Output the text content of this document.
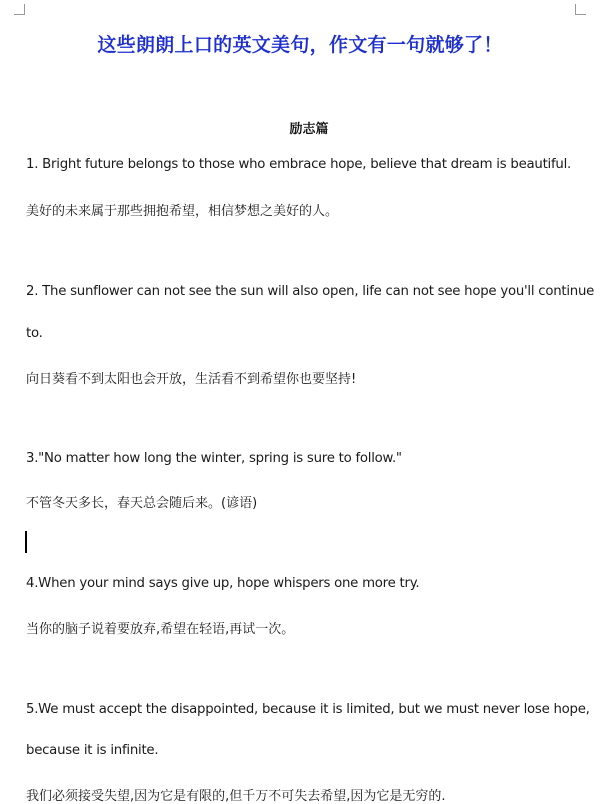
这些朗朗上口的英文美句，作文有一句就够了！
励志篇
1. Bright future belongs to those who embrace hope, believe that dream is beautiful.
美好的未来属于那些拥抱希望，相信梦想之美好的人。
2. The sunflower can not see the sun will also open, life can not see hope you'll continue
to.
向日葵看不到太阳也会开放，生活看不到希望你也要坚持!
3."No matter how long the winter, spring is sure to follow."
不管冬天多长，春天总会随后来。(谚语)
4.When your mind says give up, hope whispers one more try.
当你的脑子说着要放弃,希望在轻语,再试一次。
5.We must accept the disappointed, because it is limited, but we must never lose hope,
because it is infinite.
我们必须接受失望,因为它是有限的,但千万不可失去希望,因为它是无穷的.
